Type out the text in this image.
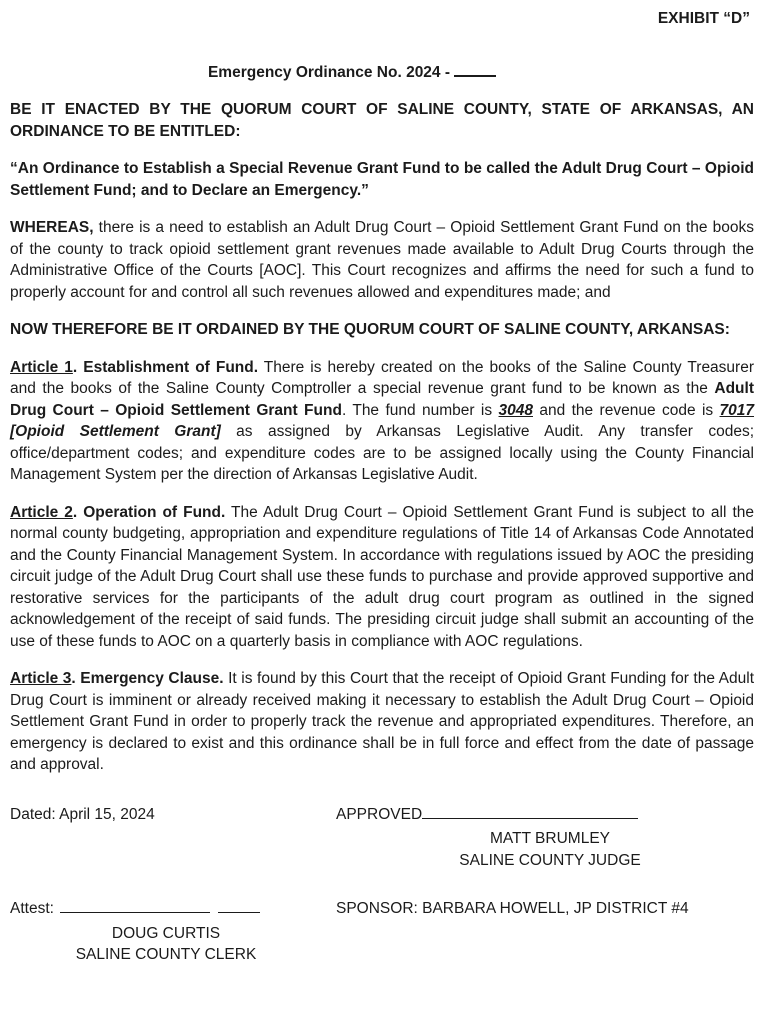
EXHIBIT “D”
Emergency Ordinance No. 2024 -

BE IT ENACTED BY THE QUORUM COURT OF SALINE COUNTY, STATE OF ARKANSAS, AN ORDINANCE TO BE ENTITLED:

“An Ordinance to Establish a Special Revenue Grant Fund to be called the Adult Drug Court – Opioid Settlement Fund; and to Declare an Emergency.”

WHEREAS, there is a need to establish an Adult Drug Court – Opioid Settlement Grant Fund on the books of the county to track opioid settlement grant revenues made available to Adult Drug Courts through the Administrative Office of the Courts [AOC]. This Court recognizes and affirms the need for such a fund to properly account for and control all such revenues allowed and expenditures made; and

NOW THEREFORE BE IT ORDAINED BY THE QUORUM COURT OF SALINE COUNTY, ARKANSAS:

Article 1. Establishment of Fund. There is hereby created on the books of the Saline County Treasurer and the books of the Saline County Comptroller a special revenue grant fund to be known as the Adult Drug Court – Opioid Settlement Grant Fund. The fund number is 3048 and the revenue code is 7017 [Opioid Settlement Grant] as assigned by Arkansas Legislative Audit. Any transfer codes; office/department codes; and expenditure codes are to be assigned locally using the County Financial Management System per the direction of Arkansas Legislative Audit.

Article 2. Operation of Fund. The Adult Drug Court – Opioid Settlement Grant Fund is subject to all the normal county budgeting, appropriation and expenditure regulations of Title 14 of Arkansas Code Annotated and the County Financial Management System. In accordance with regulations issued by AOC the presiding circuit judge of the Adult Drug Court shall use these funds to purchase and provide approved supportive and restorative services for the participants of the adult drug court program as outlined in the signed acknowledgement of the receipt of said funds. The presiding circuit judge shall submit an accounting of the use of these funds to AOC on a quarterly basis in compliance with AOC regulations.

Article 3. Emergency Clause. It is found by this Court that the receipt of Opioid Grant Funding for the Adult Drug Court is imminent or already received making it necessary to establish the Adult Drug Court – Opioid Settlement Grant Fund in order to properly track the revenue and appropriated expenditures. Therefore, an emergency is declared to exist and this ordinance shall be in full force and effect from the date of passage and approval.

Dated: April 15, 2024	APPROVED
MATT BRUMLEY
SALINE COUNTY JUDGE
Attest:
DOUG CURTIS
SALINE COUNTY CLERK
SPONSOR: BARBARA HOWELL, JP DISTRICT #4
